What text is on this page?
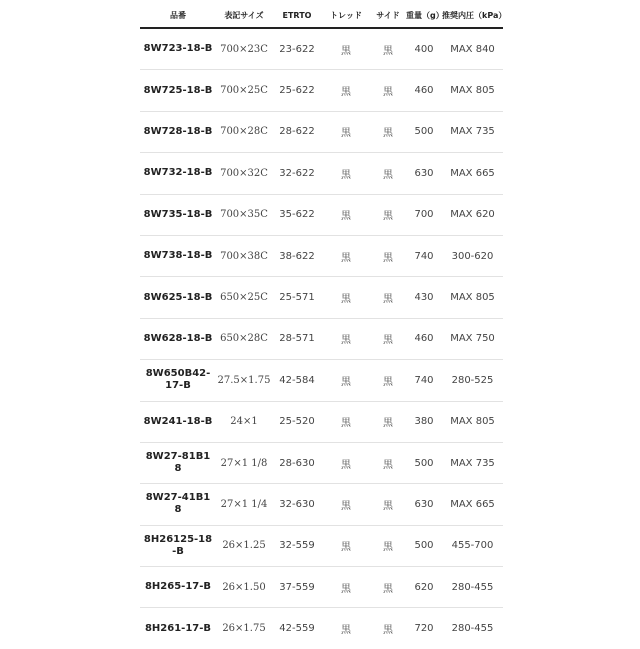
品番	表記サイズ	ETRTO	トレッド	サイド	重量（g）	推奨内圧（kPa）
8W723-18-B	700×23C	23-622	黒	黒	400	MAX 840
8W725-18-B	700×25C	25-622	黒	黒	460	MAX 805
8W728-18-B	700×28C	28-622	黒	黒	500	MAX 735
8W732-18-B	700×32C	32-622	黒	黒	630	MAX 665
8W735-18-B	700×35C	35-622	黒	黒	700	MAX 620
8W738-18-B	700×38C	38-622	黒	黒	740	300-620
8W625-18-B	650×25C	25-571	黒	黒	430	MAX 805
8W628-18-B	650×28C	28-571	黒	黒	460	MAX 750
8W650B42-17-B	27.5×1.75	42-584	黒	黒	740	280-525
8W241-18-B	24×1	25-520	黒	黒	380	MAX 805
8W27-81B18	27×1 1/8	28-630	黒	黒	500	MAX 735
8W27-41B18	27×1 1/4	32-630	黒	黒	630	MAX 665
8H26125-18-B	26×1.25	32-559	黒	黒	500	455-700
8H265-17-B	26×1.50	37-559	黒	黒	620	280-455
8H261-17-B	26×1.75	42-559	黒	黒	720	280-455
